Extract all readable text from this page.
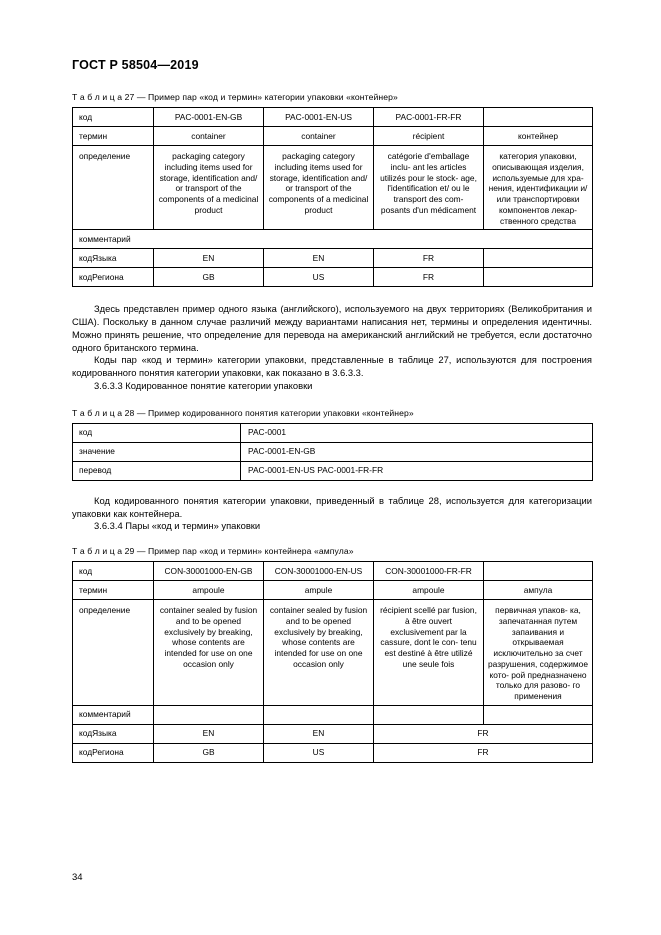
ГОСТ Р 58504—2019
Т а б л и ц а 27 — Пример пар «код и термин» категории упаковки «контейнер»
код	PAC-0001-EN-GB	PAC-0001-EN-US	PAC-0001-FR-FR	
термин	container	container	récipient	контейнер
определение	packaging category including items used for storage, identification and/ or transport of the components of a medicinal product	packaging category including items used for storage, identification and/ or transport of the components of a medicinal product	catégorie d'emballage inclu- ant les articles utilizés pour le stock- age, l'identification et/ ou le transport des com- posants d'un médicament	категория упаковки, описывающая изделия, используемые для хра- нения, идентификации и/или транспортировки компонентов лекар- ственного средства
комментарий				
кодЯзыка	EN	EN	FR	
кодРегиона	GB	US	FR	

Здесь представлен пример одного языка (английского), используемого на двух территориях (Великобритания и США). Поскольку в данном случае различий между вариантами написания нет, термины и определения идентичны. Можно принять решение, что определение для перевода на американский английский не требуется, если достаточно одного британского термина.

Коды пар «код и термин» категории упаковки, представленные в таблице 27, используются для построения кодированного понятия категории упаковки, как показано в 3.6.3.3.

3.6.3.3 Кодированное понятие категории упаковки

Т а б л и ц а 28 — Пример кодированного понятия категории упаковки «контейнер»
код	PAC-0001
значение	PAC-0001-EN-GB
перевод	PAC-0001-EN-US PAC-0001-FR-FR

Код кодированного понятия категории упаковки, приведенный в таблице 28, используется для категоризации упаковки как контейнера.

3.6.3.4 Пары «код и термин» упаковки

Т а б л и ц а 29 — Пример пар «код и термин» контейнера «ампула»
код	CON-30001000-EN-GB	CON-30001000-EN-US	CON-30001000-FR-FR	
термин	ampoule	ampule	ampoule	ампула
определение	container sealed by fusion and to be opened exclusively by breaking, whose contents are intended for use on one occasion only	container sealed by fusion and to be opened exclusively by breaking, whose contents are intended for use on one occasion only	récipient scellé par fusion, à être ouvert exclusivement par la cassure, dont le con- tenu est destiné à être utilizé une seule fois	первичная упаков- ка, запечатанная путем запаивания и открываемая исключительно за счет разрушения, содержимое кото- рой предназначено только для разово- го применения
комментарий				
кодЯзыка	EN	EN	FR	
кодРегиона	GB	US	FR	
34
